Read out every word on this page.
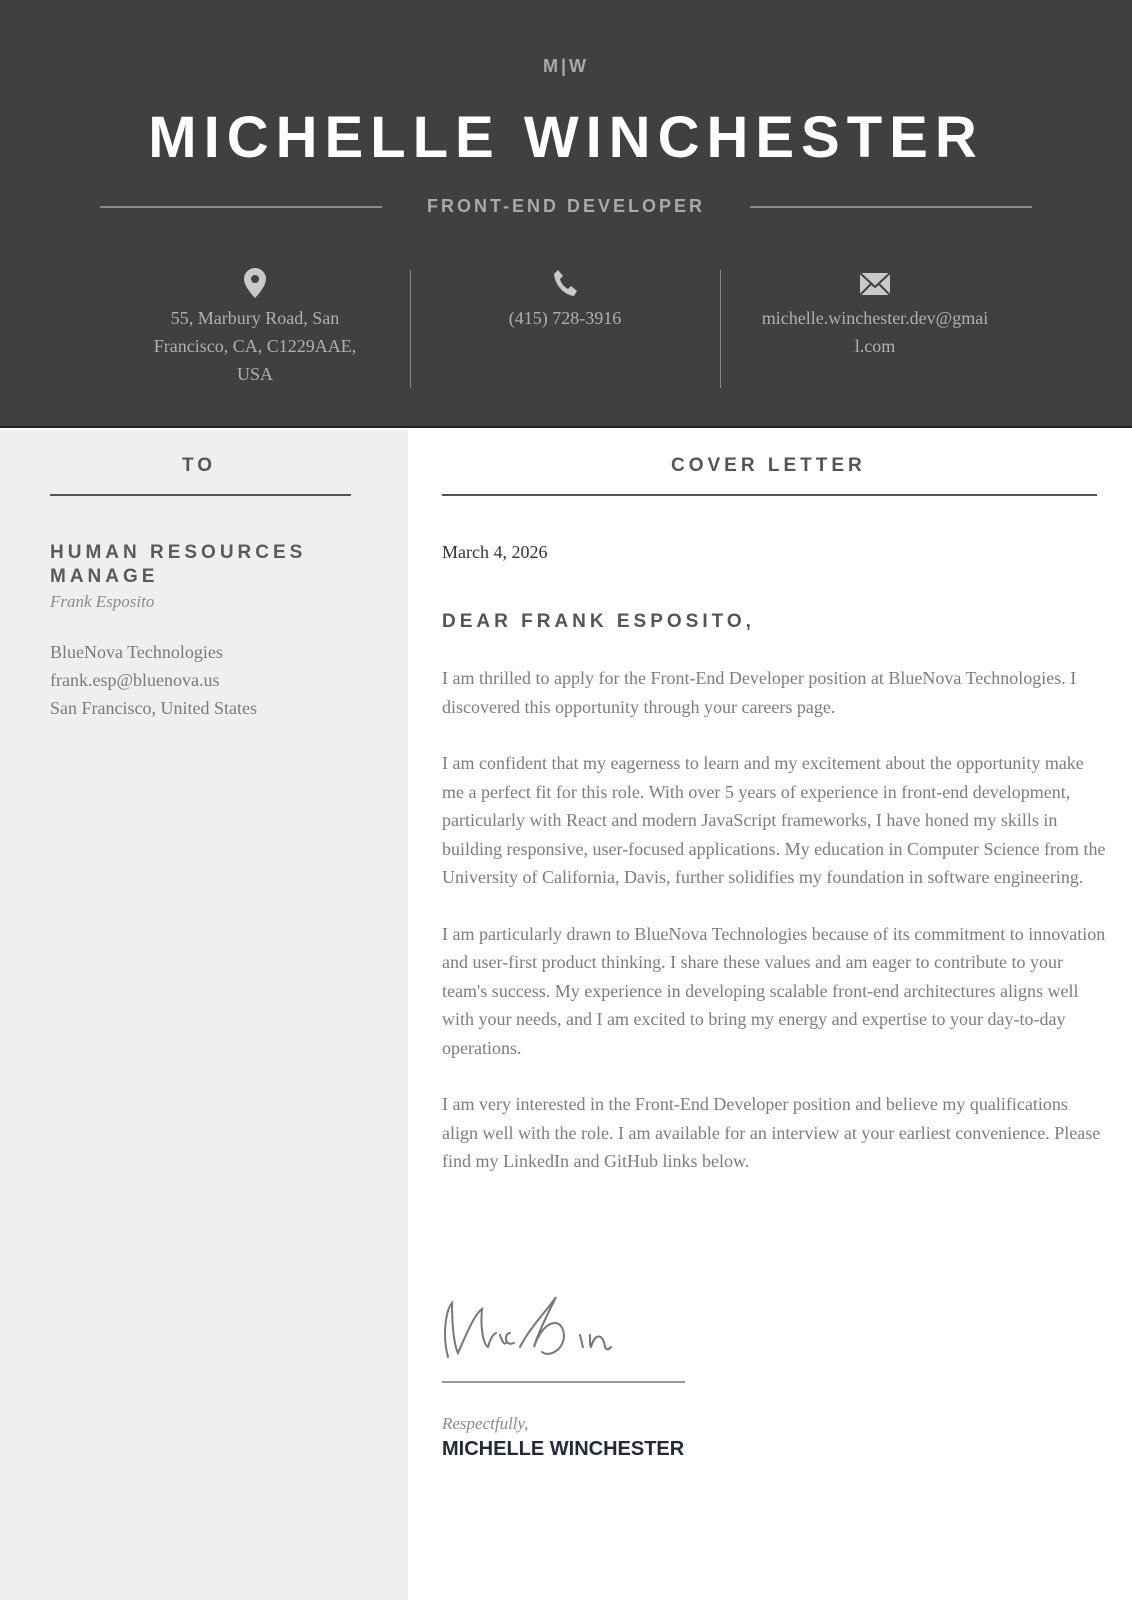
M|W
MICHELLE WINCHESTER
FRONT-END DEVELOPER
55, Marbury Road, San Francisco, CA, C1229AAE, USA
(415) 728-3916	michelle.winchester.dev@gmail.com
TO
HUMAN RESOURCES MANAGE
Frank Esposito
BlueNova Technologies
frank.esp@bluenova.us
San Francisco, United States
COVER LETTER
March 4, 2026
DEAR FRANK ESPOSITO,

I am thrilled to apply for the Front-End Developer position at BlueNova Technologies. I discovered this opportunity through your careers page.

I am confident that my eagerness to learn and my excitement about the opportunity make me a perfect fit for this role. With over 5 years of experience in front-end development, particularly with React and modern JavaScript frameworks, I have honed my skills in building responsive, user-focused applications. My education in Computer Science from the University of California, Davis, further solidifies my foundation in software engineering.

I am particularly drawn to BlueNova Technologies because of its commitment to innovation and user-first product thinking. I share these values and am eager to contribute to your team's success. My experience in developing scalable front-end architectures aligns well with your needs, and I am excited to bring my energy and expertise to your day-to-day operations.

I am very interested in the Front-End Developer position and believe my qualifications align well with the role. I am available for an interview at your earliest convenience. Please find my LinkedIn and GitHub links below.

Respectfully,
MICHELLE WINCHESTER
